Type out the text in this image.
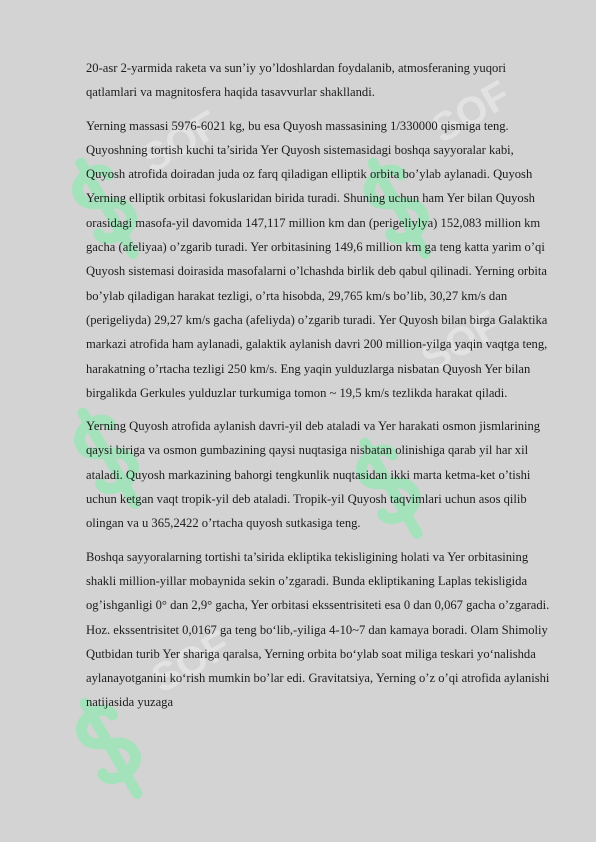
SOF	SOF
SOF
SOF

20-asr 2-yarmida raketa va sun’iy yo’ldoshlardan foydalanib, atmosferaning yuqori qatlamlari va magnitosfera haqida tasavvurlar shakllandi.

Yerning massasi 5976-6021 kg, bu esa Quyosh massasining 1/330000 qismiga teng. Quyoshning tortish kuchi ta’sirida Yer Quyosh sistemasidagi boshqa sayyoralar kabi, Quyosh atrofida doiradan juda oz farq qiladigan elliptik orbita bo’ylab aylanadi. Quyosh Yerning elliptik orbitasi fokuslaridan birida turadi. Shuning uchun ham Yer bilan Quyosh orasidagi masofa-yil davomida 147,117 million km dan (perigeliylya) 152,083 million km gacha (afeliyaa) o’zgarib turadi. Yer orbitasining 149,6 million km ga teng katta yarim o’qi Quyosh sistemasi doirasida masofalarni o’lchashda birlik deb qabul qilinadi. Yerning orbita bo’ylab qiladigan harakat tezligi, o’rta hisobda, 29,765 km/s bo’lib, 30,27 km/s dan (perigeliyda) 29,27 km/s gacha (afeliyda) o’zgarib turadi. Yer Quyosh bilan birga Galaktika markazi atrofida ham aylanadi, galaktik aylanish davri 200 million-yilga yaqin vaqtga teng, harakatning o’rtacha tezligi 250 km/s. Eng yaqin yulduzlarga nisbatan Quyosh Yer bilan birgalikda Gerkules yulduzlar turkumiga tomon ~ 19,5 km/s tezlikda harakat qiladi.

Yerning Quyosh atrofida aylanish davri-yil deb ataladi va Yer harakati osmon jismlarining qaysi biriga va osmon gumbazining qaysi nuqtasiga nisbatan olinishiga qarab yil har xil ataladi. Quyosh markazining bahorgi tengkunlik nuqtasidan ikki marta ketma-ket o’tishi uchun ketgan vaqt tropik-yil deb ataladi. Tropik-yil Quyosh taqvimlari uchun asos qilib olingan va u 365,2422 o’rtacha quyosh sutkasiga teng.

Boshqa sayyoralarning tortishi ta’sirida ekliptika tekisligining holati va Yer orbitasining shakli million-yillar mobaynida sekin o’zgaradi. Bunda ekliptikaning Laplas tekisligida og’ishganligi 0° dan 2,9° gacha, Yer orbitasi ekssentrisiteti esa 0 dan 0,067 gacha o’zgaradi. Hoz. ekssentrisitet 0,0167 ga teng bo‘lib,-yiliga 4-10~7 dan kamaya boradi. Olam Shimoliy Qutbidan turib Yer shariga qaralsa, Yerning orbita bo‘ylab soat miliga teskari yo‘nalishda aylanayotganini ko‘rish mumkin bo’lar edi. Gravitatsiya, Yerning o’z o’qi atrofida aylanishi natijasida yuzaga
